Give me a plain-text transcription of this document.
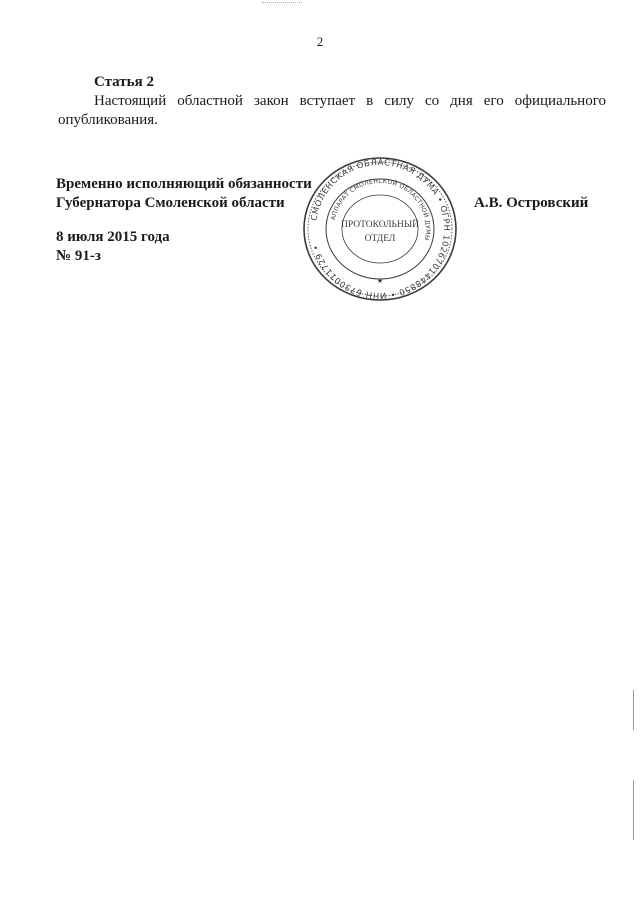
2
Статья 2

Настоящий областной закон вступает в силу со дня его официального опубликования.

Временно исполняющий обязанности
Губернатора Смоленской области	А.В. Островский
8 июля 2015 года
№ 91-з
СМОЛЕНСКАЯ ОБЛАСТНАЯ ДУМА • ОГРН 1026701448850 • ИНН 6730011729 •
АППАРАТ СМОЛЕНСКОЙ ОБЛАСТНОЙ ДУМЫ
ПРОТОКОЛЬНЫЙ
ОТДЕЛ
★
